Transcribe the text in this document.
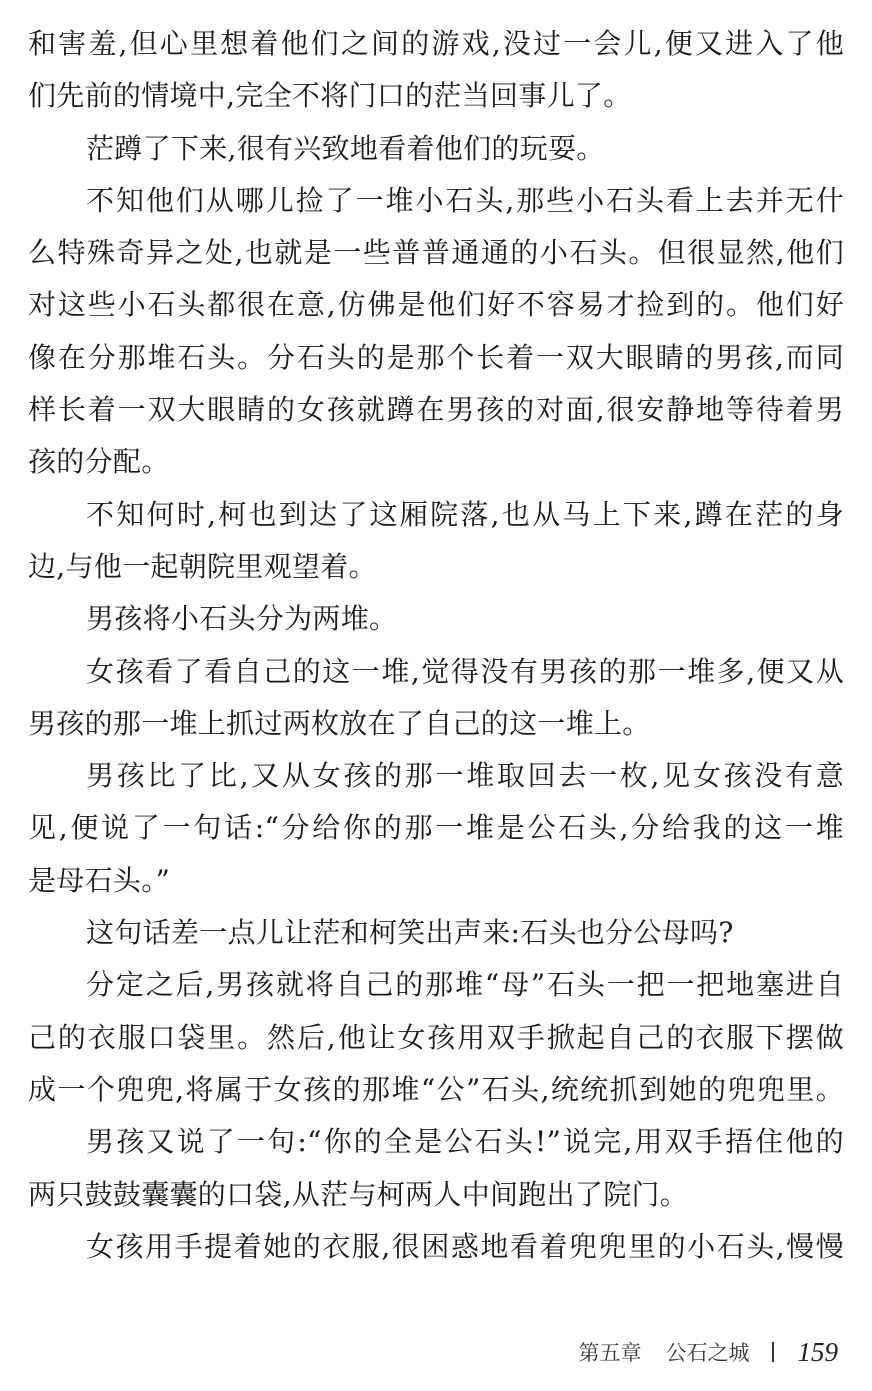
和害羞,但心里想着他们之间的游戏,没过一会儿,便又进入了他
们先前的情境中,完全不将门口的茫当回事儿了。
茫蹲了下来,很有兴致地看着他们的玩耍。
不知他们从哪儿捡了一堆小石头,那些小石头看上去并无什
么特殊奇异之处,也就是一些普普通通的小石头。但很显然,他们
对这些小石头都很在意,仿佛是他们好不容易才捡到的。他们好
像在分那堆石头。分石头的是那个长着一双大眼睛的男孩,而同
样长着一双大眼睛的女孩就蹲在男孩的对面,很安静地等待着男
孩的分配。
不知何时,柯也到达了这厢院落,也从马上下来,蹲在茫的身
边,与他一起朝院里观望着。
男孩将小石头分为两堆。
女孩看了看自己的这一堆,觉得没有男孩的那一堆多,便又从
男孩的那一堆上抓过两枚放在了自己的这一堆上。
男孩比了比,又从女孩的那一堆取回去一枚,见女孩没有意
见,便说了一句话:“分给你的那一堆是公石头,分给我的这一堆
是母石头。”
这句话差一点儿让茫和柯笑出声来:石头也分公母吗?
分定之后,男孩就将自己的那堆“母”石头一把一把地塞进自
己的衣服口袋里。然后,他让女孩用双手掀起自己的衣服下摆做
成一个兜兜,将属于女孩的那堆“公”石头,统统抓到她的兜兜里。
男孩又说了一句:“你的全是公石头!”说完,用双手捂住他的
两只鼓鼓囊囊的口袋,从茫与柯两人中间跑出了院门。
女孩用手提着她的衣服,很困惑地看着兜兜里的小石头,慢慢
第五章 公石之城 159
